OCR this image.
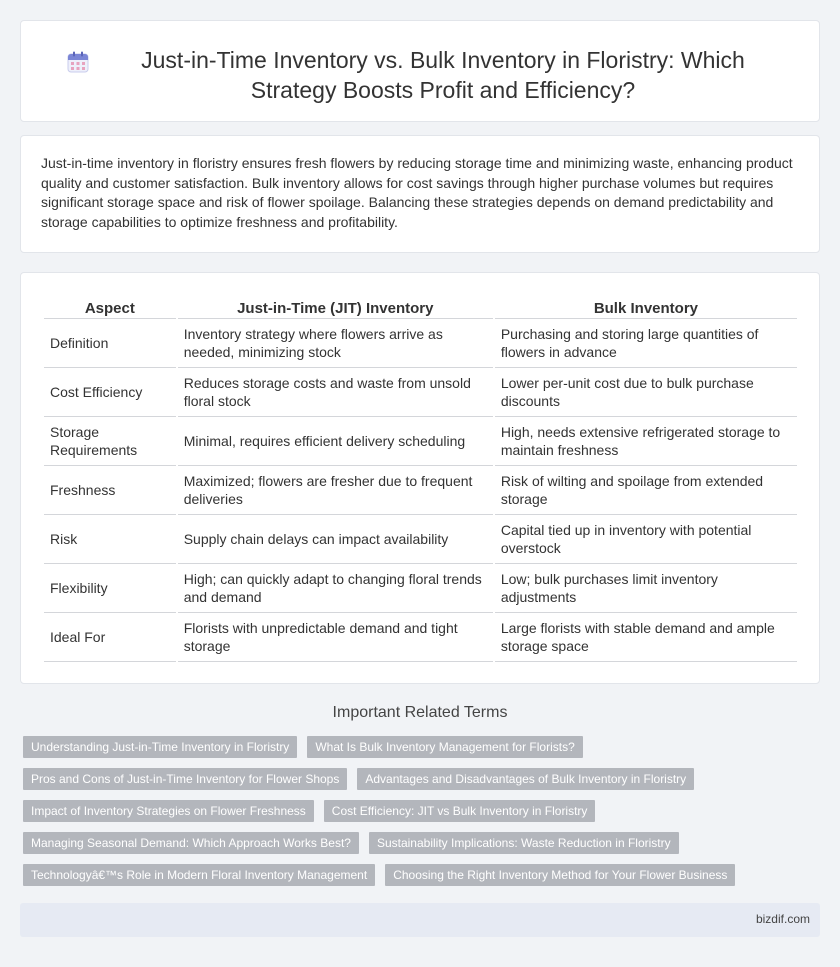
Just-in-Time Inventory vs. Bulk Inventory in Floristry: Which Strategy Boosts Profit and Efficiency?

Just-in-time inventory in floristry ensures fresh flowers by reducing storage time and minimizing waste, enhancing product quality and customer satisfaction. Bulk inventory allows for cost savings through higher purchase volumes but requires significant storage space and risk of flower spoilage. Balancing these strategies depends on demand predictability and storage capabilities to optimize freshness and profitability.

Aspect	Just-in-Time (JIT) Inventory	Bulk Inventory
Definition	Inventory strategy where flowers arrive as needed, minimizing stock	Purchasing and storing large quantities of flowers in advance
Cost Efficiency	Reduces storage costs and waste from unsold floral stock	Lower per-unit cost due to bulk purchase discounts
Storage Requirements	Minimal, requires efficient delivery scheduling	High, needs extensive refrigerated storage to maintain freshness
Freshness	Maximized; flowers are fresher due to frequent deliveries	Risk of wilting and spoilage from extended storage
Risk	Supply chain delays can impact availability	Capital tied up in inventory with potential overstock
Flexibility	High; can quickly adapt to changing floral trends and demand	Low; bulk purchases limit inventory adjustments
Ideal For	Florists with unpredictable demand and tight storage	Large florists with stable demand and ample storage space
Important Related Terms
Understanding Just-in-Time Inventory in Floristry	What Is Bulk Inventory Management for Florists?
Pros and Cons of Just-in-Time Inventory for Flower Shops	Advantages and Disadvantages of Bulk Inventory in Floristry
Impact of Inventory Strategies on Flower Freshness	Cost Efficiency: JIT vs Bulk Inventory in Floristry
Managing Seasonal Demand: Which Approach Works Best?	Sustainability Implications: Waste Reduction in Floristry
Technologyâ€™s Role in Modern Floral Inventory Management	Choosing the Right Inventory Method for Your Flower Business
bizdif.com
